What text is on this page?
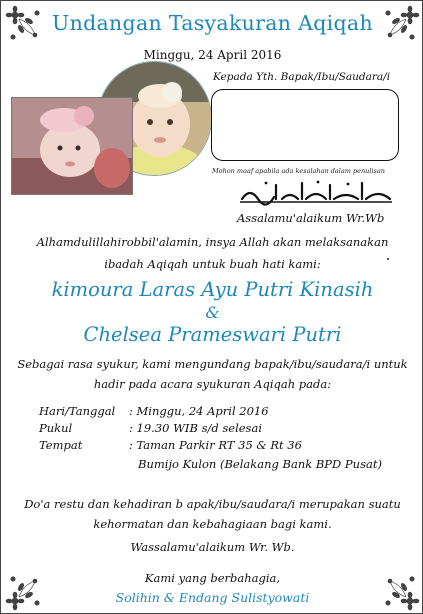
Undangan Tasyakuran Aqiqah
Minggu, 24 April 2016
Kepada Yth. Bapak/Ibu/Saudara/i
Mohon maaf apabila ada kesalahan dalam penulisan
Assalamu'alaikum Wr.Wb
Alhamdulillahirobbil'alamin, insya Allah akan melaksanakan
ibadah Aqiqah untuk buah hati kami:
kimoura Laras Ayu Putri Kinasih
&
Chelsea Prameswari Putri
Sebagai rasa syukur, kami mengundang bapak/ibu/saudara/i untuk
hadir pada acara syukuran Aqiqah pada:
Hari/Tanggal : Minggu, 24 April 2016
Pukul	: 19.30 WIB s/d selesai
Tempat	: Taman Parkir RT 35 & Rt 36
Bumijo Kulon (Belakang Bank BPD Pusat)
Do'a restu dan kehadiran b apak/ibu/saudara/i merupakan suatu
kehormatan dan kebahagiaan bagi kami.
Wassalamu'alaikum Wr. Wb.
Kami yang berbahagia,
Solihin & Endang Sulistyowati
